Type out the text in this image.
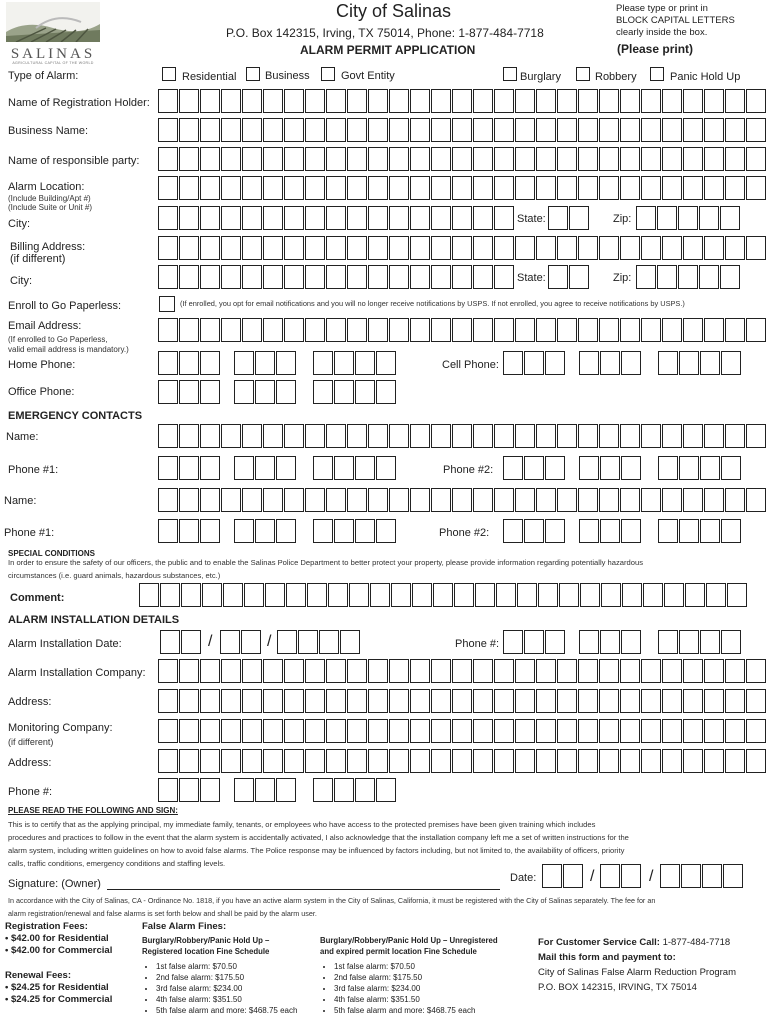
SALINAS
AGRICULTURAL CAPITAL OF THE WORLD
City of Salinas
P.O. Box 142315, Irving, TX 75014, Phone: 1-877-484-7718
ALARM PERMIT APPLICATION
Please type or print in
BLOCK CAPITAL LETTERS
clearly inside the box.
(Please print)
Type of Alarm:	Residential	Business	Govt Entity	Burglary	Robbery	Panic Hold Up
Name of Registration Holder:
Business Name:
Name of responsible party:
Alarm Location:
(Include Building/Apt #)
(Include Suite or Unit #)
City:	State:	Zip:
Billing Address:
(if different)
City:	State:	Zip:
Enroll to Go Paperless:	(If enrolled, you opt for email notifications and you will no longer receive notifications by USPS. If not enrolled, you agree to receive notifications by USPS.)
Email Address:
(If enrolled to Go Paperless,
valid email address is mandatory.)
Home Phone:	Cell Phone:
Office Phone:
EMERGENCY CONTACTS
Name:
Phone #1:	Phone #2:
Name:
Phone #1:	Phone #2:
SPECIAL CONDITIONS
In order to ensure the safety of our officers, the public and to enable the Salinas Police Department to better protect your property, please provide information regarding potentially hazardous
circumstances (i.e. guard animals, hazardous substances, etc.)
Comment:
ALARM INSTALLATION DETAILS
Alarm Installation Date:	/	/	Phone #:
Alarm Installation Company:
Address:
Monitoring Company:
(if different)
Address:
Phone #:
PLEASE READ THE FOLLOWING AND SIGN:
This is to certify that as the applying principal, my immediate family, tenants, or employees who have access to the protected premises have been given training which includes
procedures and practices to follow in the event that the alarm system is accidentally activated, I also acknowledge that the installation company left me a set of written instructions for the
alarm system, including written guidelines on how to avoid false alarms. The Police response may be influenced by factors including, but not limited to, the availability of officers, priority
calls, traffic conditions, emergency conditions and staffing levels.
Signature: (Owner)	Date:	/	/
In accordance with the City of Salinas, CA - Ordinance No. 1818, if you have an active alarm system in the City of Salinas, California, it must be registered with the City of Salinas separately. The fee for an
alarm registration/renewal and false alarms is set forth below and shall be paid by the alarm user.
Registration Fees:
• $42.00 for Residential
• $42.00 for Commercial
Renewal Fees:
• $24.25 for Residential
• $24.25 for Commercial
False Alarm Fines:
Burglary/Robbery/Panic Hold Up –
Registered location Fine Schedule
• 1st false alarm: $70.50
• 2nd false alarm: $175.50
• 3rd false alarm: $234.00
• 4th false alarm: $351.50
• 5th false alarm and more: $468.75 each
Burglary/Robbery/Panic Hold Up – Unregistered
and expired permit location Fine Schedule
• 1st false alarm: $70.50
• 2nd false alarm: $175.50
• 3rd false alarm: $234.00
• 4th false alarm: $351.50
• 5th false alarm and more: $468.75 each
For Customer Service Call: 1-877-484-7718
Mail this form and payment to:
City of Salinas False Alarm Reduction Program
P.O. BOX 142315, IRVING, TX 75014
